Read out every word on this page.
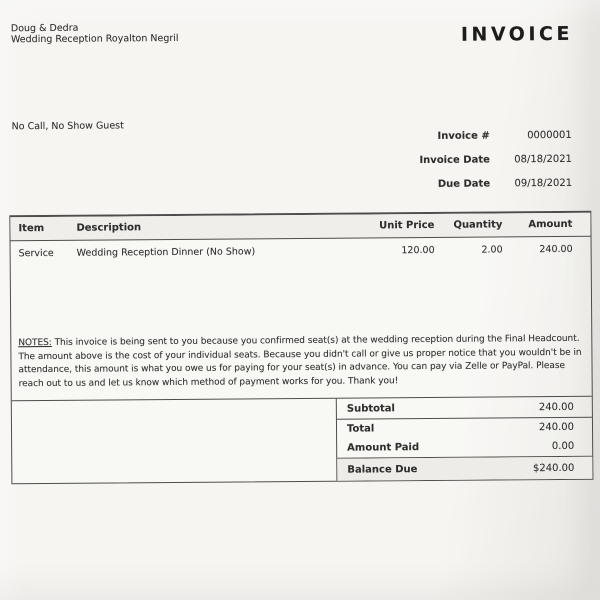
Doug & Dedra
Wedding Reception Royalton Negril	INVOICE
No Call, No Show Guest
Invoice #	0000001
Invoice Date	08/18/2021
Due Date	09/18/2021
Item	Description	Unit Price	Quantity	Amount
Service	Wedding Reception Dinner (No Show)	120.00	2.00	240.00
NOTES: This invoice is being sent to you because you confirmed seat(s) at the wedding reception during the Final Headcount. The amount above is the cost of your individual seats. Because you didn't call or give us proper notice that you wouldn't be in attendance, this amount is what you owe us for paying for your seat(s) in advance. You can pay via Zelle or PayPal. Please reach out to us and let us know which method of payment works for you. Thank you!
Subtotal	240.00
Total	240.00
Amount Paid	0.00
Balance Due	$240.00
